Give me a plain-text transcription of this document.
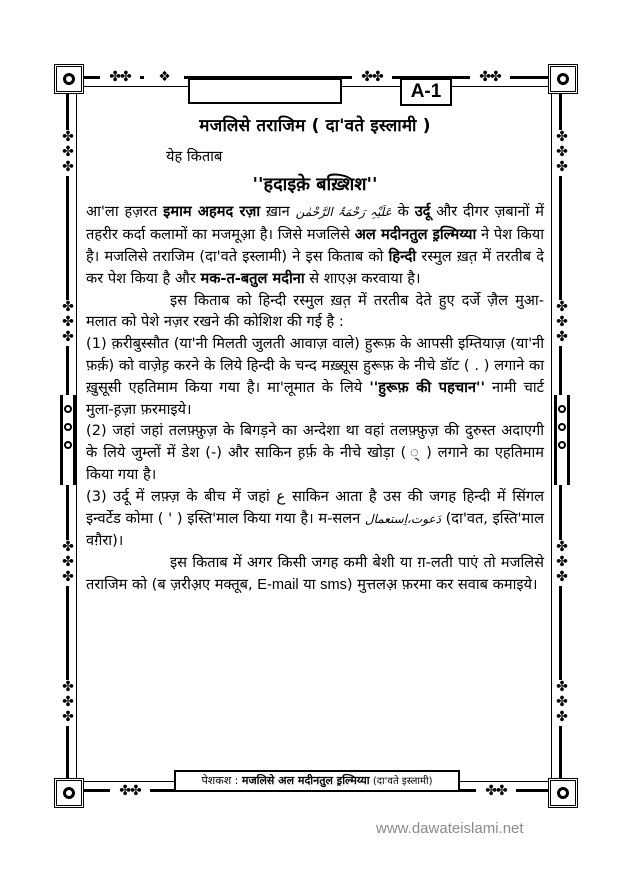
✤✤	❖	✤✤	✤✤
✤✤	✤✤
✤
✤
✤
✤
✤
✤
✤
✤
✤
✤
✤
✤
✤
✤
✤
✤
✤
✤
✤
✤
✤
✤
✤
✤
A-1
मजलिसे तराजिम ( दा'वते इस्लामी )
येह किताब
''हदाइके़ बख़्शिश''

आ'ला हज़रत इमाम अहमद रज़ा ख़ान عَلَیْہِ رَحْمَۃُ الرَّحْمٰن के उर्दू और दीगर ज़बानों में तहरीर कर्दा कलामों का मजमूआ़ है। जिसे मजलिसे अल मदीनतुल इ़ल्मिय्या ने पेश किया है। मजलिसे तराजिम (दा'वते इस्लामी) ने इस किताब को हिन्दी रस्मुल ख़त़ में तरतीब दे कर पेश किया है और मक-त-बतुल मदीना से शाएअ़ करवाया है।

इस किताब को हिन्दी रस्मुल ख़त़ में तरतीब देते हुए दर्जे ज़ैल मुआ-मलात को पेशे नज़र रखने की कोशिश की गई है :

(1) क़रीबुस्सौत (या'नी मिलती जुलती आवाज़ वाले) हुरूफ़ के आपसी इम्तियाज़ (या'नी फ़र्क़) को वाज़ेह़ करने के लिये हिन्दी के चन्द मख़्सूस हुरूफ़ के नीचे डॉट ( . ) लगाने का ख़ुसूसी एहतिमाम किया गया है। मा'लूमात के लिये ''हुरूफ़ की पहचान'' नामी चार्ट मुला-ह़ज़ा फ़रमाइये।

(2) जहां जहां तलफ़्फ़ुज़ के बिगड़ने का अन्देशा था वहां तलफ़्फ़ुज़ की दुरुस्त अदाएगी के लिये जुम्लों में डेश (-) और साकिन ह़र्फ़ के नीचे खोड़ा ( ् ) लगाने का एहतिमाम किया गया है।

(3) उर्दू में लफ़्ज़ के बीच में जहां ع साकिन आता है उस की जगह हिन्दी में सिंगल इन्वर्टेड कोमा ( ' ) इस्ति'माल किया गया है। म-सलन دَعوت،اِستعمال (दा'वत, इस्ति'माल वग़ैरा)।

इस किताब में अगर किसी जगह कमी बेशी या ग़-लती पाएं तो मजलिसे तराजिम को (ब ज़रीअ़ए मक्तूब, E-mail या sms) मुत्तलअ़ फ़रमा कर सवाब कमाइये।

पेशकश : मजलिसे अल मदीनतुल इ़ल्मिय्या (दा'वते इस्लामी)
www.dawateislami.net
